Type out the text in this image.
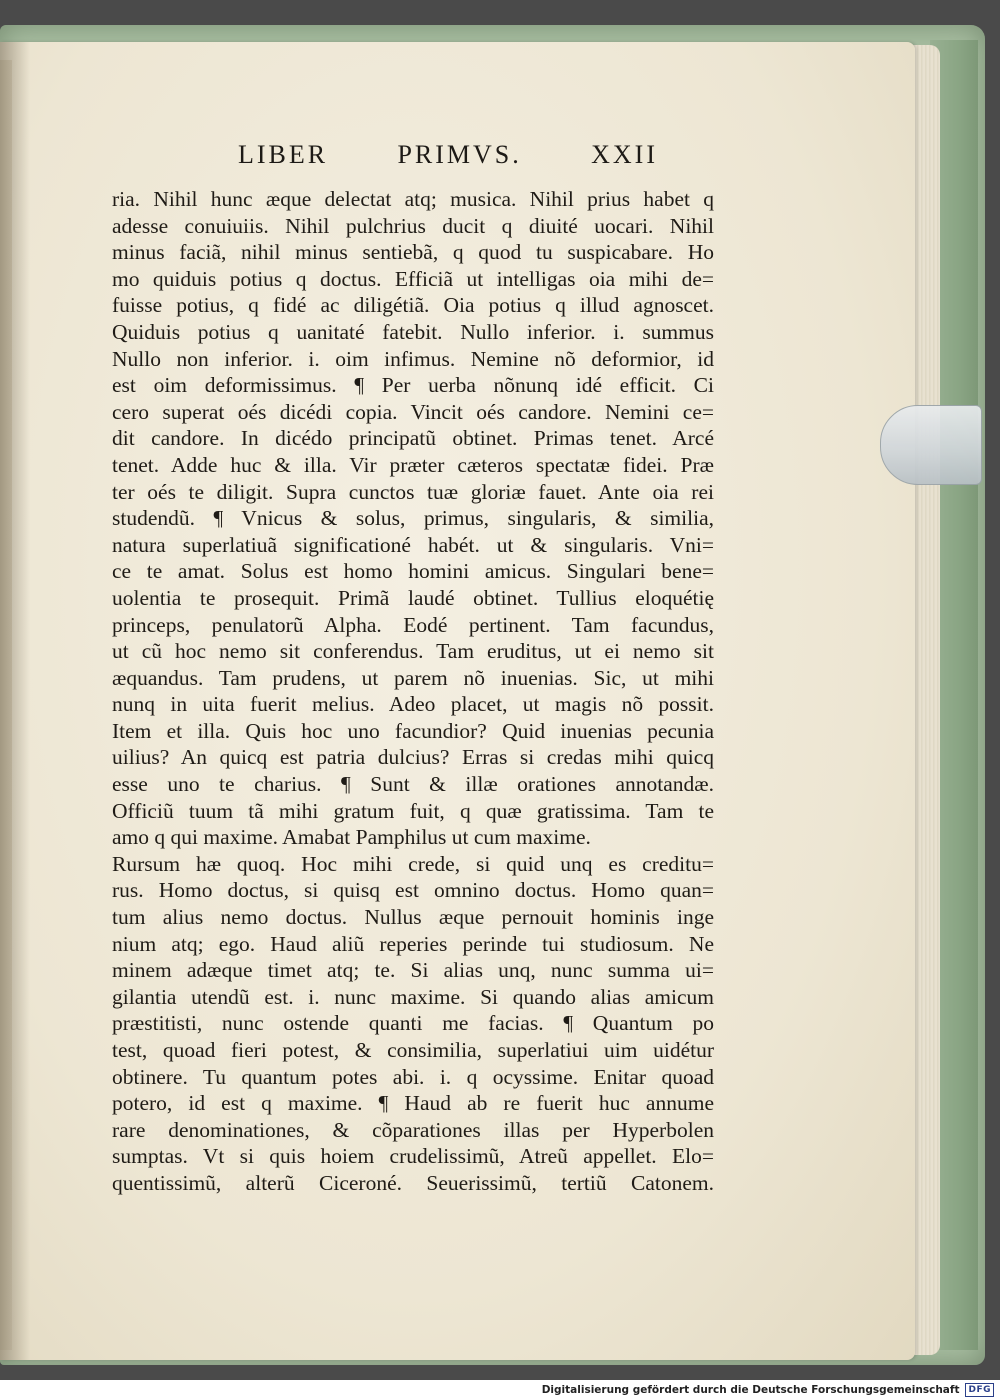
LIBER	PRIMVS.	XXII
ria. Nihil hunc æque delectat atq; musica. Nihil prius habet q
adesse conuiuiis. Nihil pulchrius ducit q diuité uocari. Nihil
minus faciã, nihil minus sentiebã, q quod tu suspicabare. Ho
mo quiduis potius q doctus. Efficiã ut intelligas oia mihi de=
fuisse potius, q fidé ac diligétiã. Oia potius q illud agnoscet.
Quiduis potius q uanitaté fatebit. Nullo inferior. i. summus
Nullo non inferior. i. oim infimus. Nemine nõ deformior, id
est oim deformissimus. ¶ Per uerba nõnunq idé efficit. Ci
cero superat oés dicédi copia. Vincit oés candore. Nemini ce=
dit candore. In dicédo principatũ obtinet. Primas tenet. Arcé
tenet. Adde huc & illa. Vir præter cæteros spectatæ fidei. Præ
ter oés te diligit. Supra cunctos tuæ gloriæ fauet. Ante oia rei
studendũ. ¶ Vnicus & solus, primus, singularis, & similia,
natura superlatiuã significationé habét. ut & singularis. Vni=
ce te amat. Solus est homo homini amicus. Singulari bene=
uolentia te prosequit. Primã laudé obtinet. Tullius eloquétię
princeps, penulatorũ Alpha. Eodé pertinent. Tam facundus,
ut cũ hoc nemo sit conferendus. Tam eruditus, ut ei nemo sit
æquandus. Tam prudens, ut parem nõ inuenias. Sic, ut mihi
nunq in uita fuerit melius. Adeo placet, ut magis nõ possit.
Item et illa. Quis hoc uno facundior? Quid inuenias pecunia
uilius? An quicq est patria dulcius? Erras si credas mihi quicq
esse uno te charius. ¶ Sunt & illæ orationes annotandæ.
Officiũ tuum tã mihi gratum fuit, q quæ gratissima. Tam te
amo q qui maxime. Amabat Pamphilus ut cum maxime.
Rursum hæ quoq. Hoc mihi crede, si quid unq es creditu=
rus. Homo doctus, si quisq est omnino doctus. Homo quan=
tum alius nemo doctus. Nullus æque pernouit hominis inge
nium atq; ego. Haud aliũ reperies perinde tui studiosum. Ne
minem adæque timet atq; te. Si alias unq, nunc summa ui=
gilantia utendũ est. i. nunc maxime. Si quando alias amicum
præstitisti, nunc ostende quanti me facias. ¶ Quantum po
test, quoad fieri potest, & consimilia, superlatiui uim uidétur
obtinere. Tu quantum potes abi. i. q ocyssime. Enitar quoad
potero, id est q maxime. ¶ Haud ab re fuerit huc annume
rare denominationes, & cõparationes illas per Hyperbolen
sumptas. Vt si quis hoiem crudelissimũ, Atreũ appellet. Elo=
quentissimũ, alterũ Ciceroné. Seuerissimũ, tertiũ Catonem.
Digitalisierung gefördert durch die Deutsche Forschungsgemeinschaft	DFG
